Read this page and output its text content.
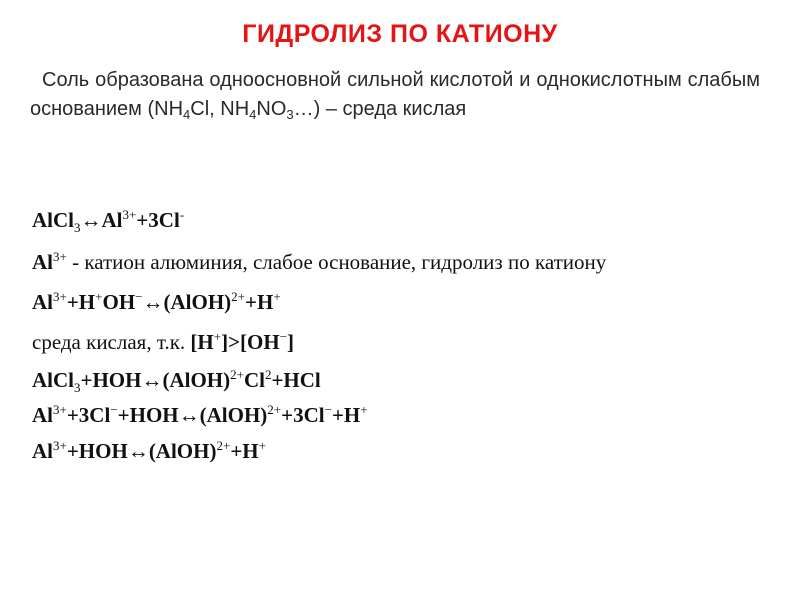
ГИДРОЛИЗ ПО КАТИОНУ
Соль образована одноосновной сильной кислотой и однокислотным слабым основанием ($NH_4Cl$, $NH_4NO_3\dots$) – среда кислая
$AlCl_3\leftrightarrow Al^{3+}+3Cl^-$
$Al^{3+}$ - катион алюминия, слабое основание, гидролиз по катиону
$Al^{3+}+H^+OH^-\leftrightarrow(AlOH)^{2+}+H^+$
среда кислая, т.к. [H+]>[OH−]
$AlCl_3+HOH\leftrightarrow(AlOH)^{2+}Cl^2+HCl$
$Al^{3+}+3Cl^-+HOH\leftrightarrow(AlOH)^{2+}+3Cl^-+H^+$
$Al^{3+}+HOH\leftrightarrow(AlOH)^{2+}+H^+$
